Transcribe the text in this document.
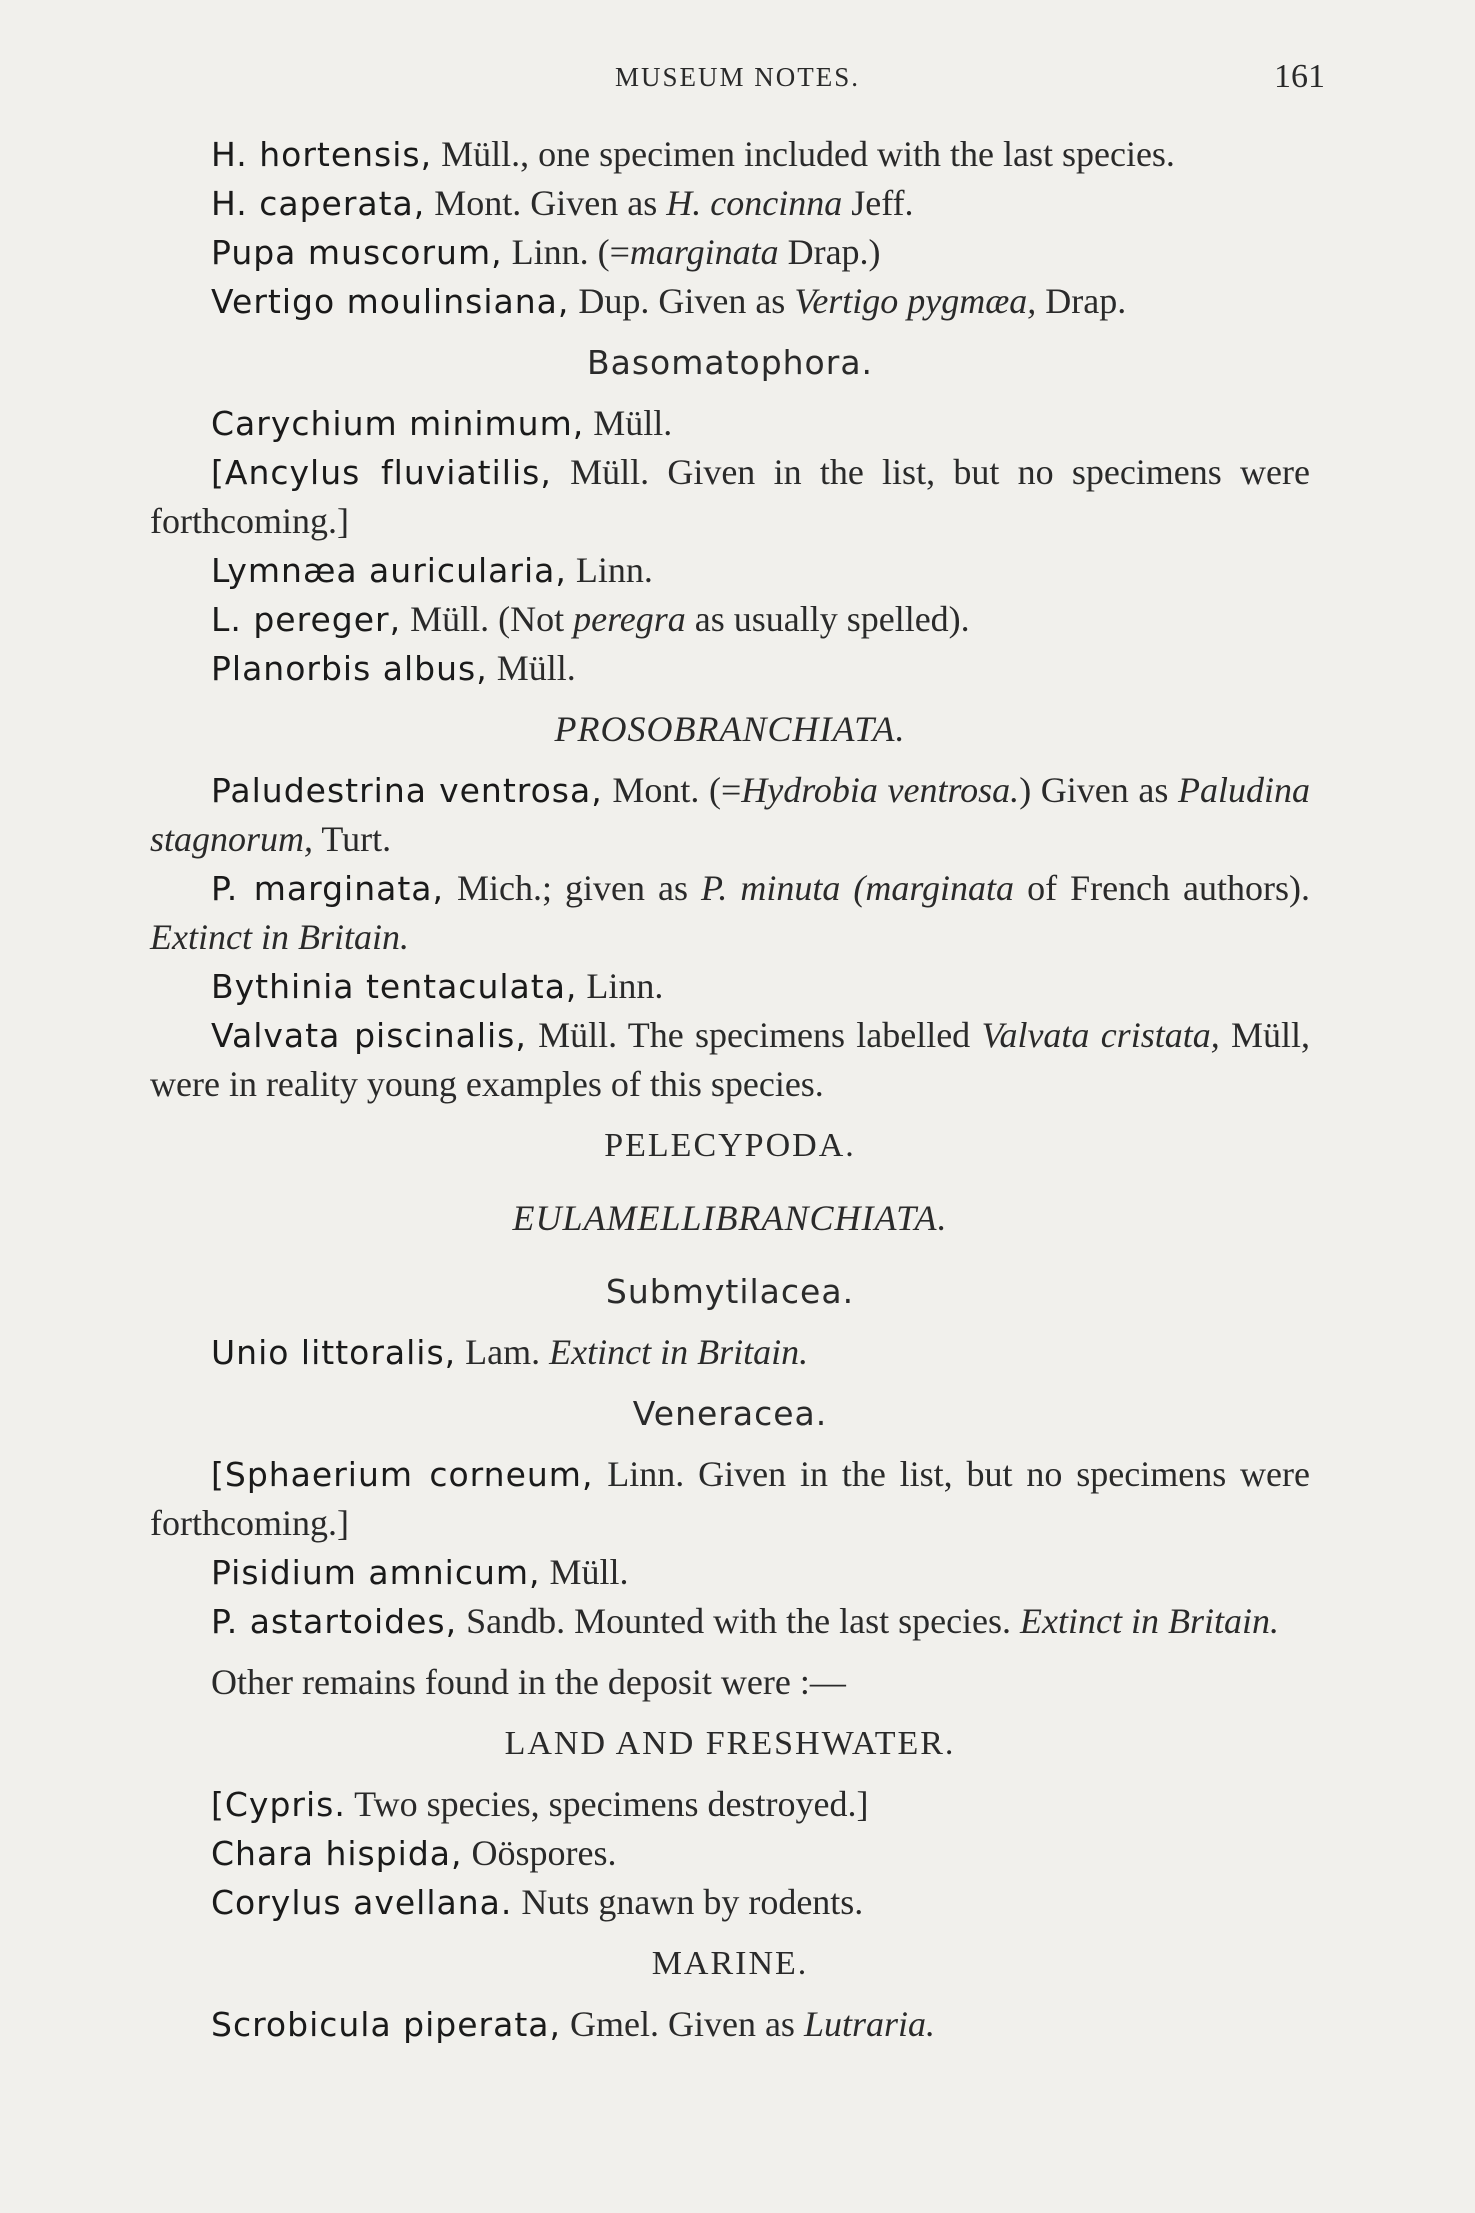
MUSEUM NOTES.	161

H. hortensis, Müll., one specimen included with the last species.

H. caperata, Mont. Given as H. concinna Jeff.

Pupa muscorum, Linn. (=marginata Drap.)

Vertigo moulinsiana, Dup. Given as Vertigo pygmæa, Drap.

Basomatophora.

Carychium minimum, Müll.

[Ancylus fluviatilis, Müll. Given in the list, but no specimens were forthcoming.]

Lymnæa auricularia, Linn.

L. pereger, Müll. (Not peregra as usually spelled).

Planorbis albus, Müll.

PROSOBRANCHIATA.

Paludestrina ventrosa, Mont. (=Hydrobia ventrosa.) Given as Paludina stagnorum, Turt.

P. marginata, Mich.; given as P. minuta (marginata of French authors). Extinct in Britain.

Bythinia tentaculata, Linn.

Valvata piscinalis, Müll. The specimens labelled Valvata cristata, Müll, were in reality young examples of this species.

PELECYPODA.
EULAMELLIBRANCHIATA.
Submytilacea.

Unio littoralis, Lam. Extinct in Britain.

Veneracea.

[Sphaerium corneum, Linn. Given in the list, but no specimens were forthcoming.]

Pisidium amnicum, Müll.

P. astartoides, Sandb. Mounted with the last species. Extinct in Britain.

Other remains found in the deposit were :—

LAND AND FRESHWATER.

[Cypris. Two species, specimens destroyed.]

Chara hispida, Oöspores.

Corylus avellana. Nuts gnawn by rodents.

MARINE.

Scrobicula piperata, Gmel. Given as Lutraria.
